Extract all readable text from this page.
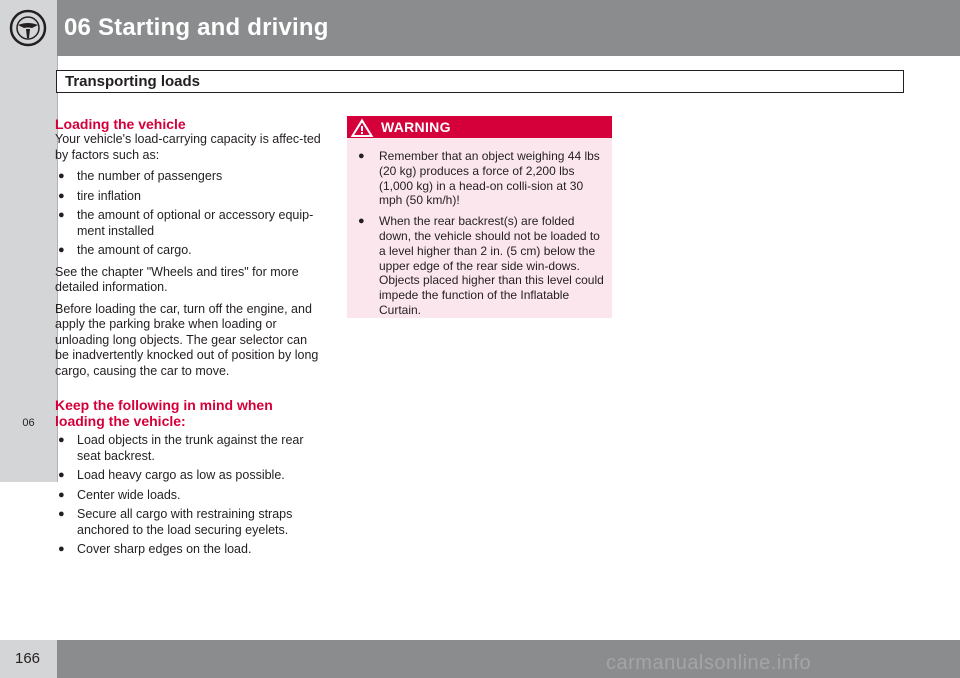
06 Starting and driving
06
Transporting loads
Loading the vehicle

Your vehicle's load-carrying capacity is affec-ted by factors such as:

● the number of passengers
● tire inflation
● the amount of optional or accessory equip-ment installed
● the amount of cargo.

See the chapter "Wheels and tires" for more detailed information.

Before loading the car, turn off the engine, and apply the parking brake when loading or unloading long objects. The gear selector can be inadvertently knocked out of position by long cargo, causing the car to move.

Keep the following in mind when loading the vehicle:
● Load objects in the trunk against the rear seat backrest.
● Load heavy cargo as low as possible.
● Center wide loads.
● Secure all cargo with restraining straps anchored to the load securing eyelets.
● Cover sharp edges on the load.
WARNING
● Remember that an object weighing 44 lbs (20 kg) produces a force of 2,200 lbs (1,000 kg) in a head-on colli-sion at 30 mph (50 km/h)!
● When the rear backrest(s) are folded down, the vehicle should not be loaded to a level higher than 2 in. (5 cm) below the upper edge of the rear side win-dows. Objects placed higher than this level could impede the function of the Inflatable Curtain.
166	carmanualsonline.info
